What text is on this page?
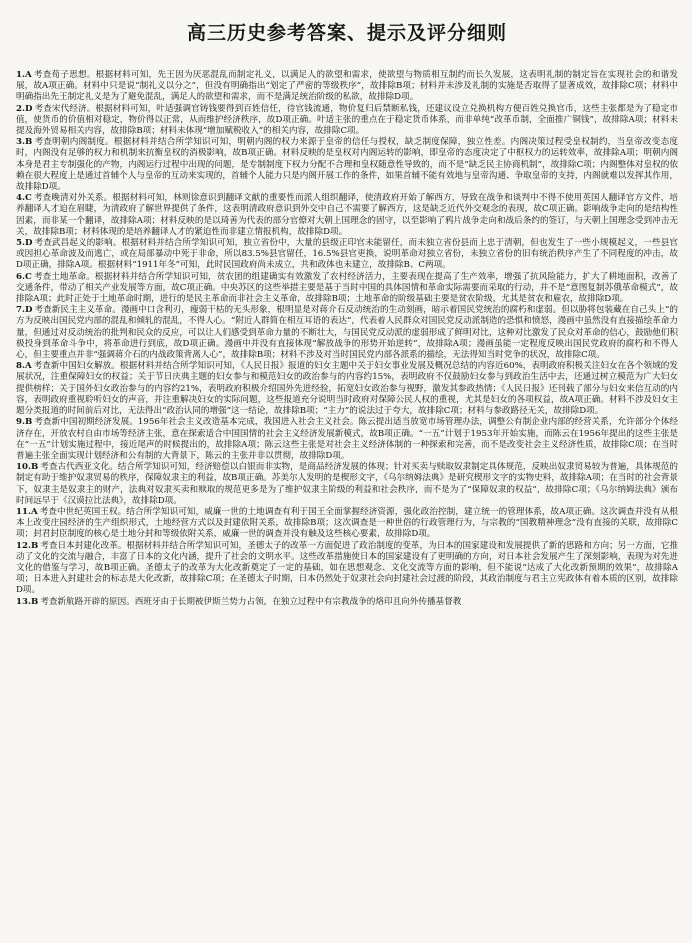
高三历史参考答案、提示及评分细则

1.A 考查荀子思想。根据材料可知，先王因为厌恶混乱而制定礼义，以满足人的欲望和需求，使欲望与物质相互制约而长久发展，这表明礼制的制定旨在实现社会的和谐发展，故A项正确。材料中只是说“制礼义以分之”，但没有明确指出“划定了严密的等级秩序”，故排除B项；材料并未涉及礼制的实施是否取得了显著成效，故排除C项；材料中明确指出先王制定礼义是为了避免混乱，满足人的欲望和需求，而不是满足统治阶级的私欲，故排除D项。

2.D 考查宋代经济。根据材料可知，叶适强调官铸钱要得到百姓信任，待官钱流通，物价复归后禁断私钱，还建议设立兑换机构方便百姓兑换官币，这些主张都是为了稳定市值，使货币的价值相对稳定，物价得以正常，从而维护经济秩序，故D项正确。叶适主张的重点在于稳定货币体系，而非单纯“改革币制，全面推广铜钱”，故排除A项；材料未提及海外贸易相关内容，故排除B项；材料未体现“增加赋税收入”的相关内容，故排除C项。

3.B 考查明朝内阁制度。根据材料并结合所学知识可知，明朝内阁的权力来源于皇帝的信任与授权，缺乏制度保障，独立性差。内阁决策过程受皇权制约，当皇帝改变态度时，内阁没有足够的权力和机制来抗衡皇权的消极影响，故B项正确。材料反映的是皇权对内阁运转的影响，即皇帝的态度决定了中枢权力的运转效率，故排除A项；明朝内阁本身是君主专制强化的产物，内阁运行过程中出现的问题，是专制制度下权力分配不合理和皇权随意性导致的，而不是“缺乏民主协商机制”，故排除C项；内阁整体对皇权的依赖在很大程度上是通过首辅个人与皇帝的互动来实现的，首辅个人能力只是内阁开展工作的条件，如果首辅不能有效地与皇帝沟通、争取皇帝的支持，内阁就难以发挥其作用，故排除D项。

4.C 考查晚清对外关系。根据材料可知，林则徐意识到翻译文献的重要性而派人组织翻译，使清政府开始了解西方，导致在战争和谈判中不得不使用英国人翻译官方文件，培养翻译人才迫在眉睫，为清政府了解世界提供了条件，这表明清政府意识到外交中自己不需要了解西方，这是缺乏近代外交观念的表现，故C项正确。影响战争走向的是结构性因素，而非某一个翻译，故排除A项；材料反映的是以琦善为代表的部分官僚对大朝上国理念的固守，以至影响了鸦片战争走向和战后条约的签订，与天朝上国理念受到冲击无关，故排除B项；材料体现的是培养翻译人才的紧迫性而非建立情报机构，故排除D项。

5.D 考查武昌起义的影响。根据材料并结合所学知识可知，独立省份中，大量的县级正印官未能留任，而未独立省份县而上忠于清朝，但也发生了一些小规模起义，一些县官或因担心革命波及而逃亡，或在局部暴动中死于非命，所以83.5%县官留任，16.5%县官更换，说明革命对独立省份，未独立省份的旧有统治秩序产生了不同程度的冲击，故D项正确，排除A项。根据材料“1911年冬”可知，此时民国政府尚未成立，共和政体也未建立，故排除B、C两项。

6.C 考查土地革命。根据材料并结合所学知识可知，贫农团的组建确实有效激发了农村经济活力，主要表现在提高了生产效率，增强了抗风险能力，扩大了耕地面积，改善了交通条件，带动了相关产业发展等方面，故C项正确。中央苏区的这些举措主要是基于当时中国的具体国情和革命实际需要而采取的行动，并不是“意图复制苏俄革命模式”，故排除A项；此时正处于土地革命时期，进行的是民主革命而非社会主义革命，故排除B项；土地革命的阶级基础主要是贫农阶级，尤其是贫农和雇农，故排除D项。

7.D 考查新民主主义革命。漫画中口含利刃，瘦弱干枯的无头形象，根明显是对蒋介石反动统治的生动刻画，暗示着国民党统治的腐朽和虚弱。但以胁将包装藏在自己头上“的方为反映出国民党内部的混乱和倾轧的混乱，不得人心。“附近人群简在相互耳语的表达”，代表着人民群众对国民党反动派制造的恐惧和愤怒，漫画中虽然没有直接描绘革命力量，但通过对反动统治的批判和民众的反应，可以让人们感受到革命力量的不断壮大，与国民党反动派的虚弱形成了鲜明对比，这种对比激发了民众对革命的信心，鼓励他们积极投身到革命斗争中，将革命进行到底，故D项正确。漫画中并没有直接体现“解放战争的形势开始逆转”，故排除A项；漫画虽能一定程度反映出国民党政府的腐朽和不得人心，但主要重点并非“强调蒋介石的内战政策背离人心”，故排除B项；材料不涉及对当时国民党内部各派系的描绘，无法得知当时党争的状况，故排除C项。

8.A 考查新中国妇女解放。根据材料并结合所学知识可知，《人民日报》报道的妇女主题中关于妇女事业发展及概况总结的内容近60%，表明政府积极关注妇女在各个领域的发展状况，注重保障妇女的权益；关于节日庆典主题的妇女参与和模范妇女的政治参与的内容约15%，表明政府不仅鼓励妇女参与到政治生活中去，还通过树立模范为广大妇女提供榜样；关于国外妇女政治参与的内容约21%，表明政府积极介绍国外先进经验，拓宽妇女政治参与视野，激发其参政热情；《人民日报》还刊载了部分与妇女来信互动的内容，表明政府重视聆听妇女的声音，并注重解决妇女的实际问题，这些报道充分说明当时政府对保障公民人权的重视，尤其是妇女的各项权益，故A项正确。材料不涉及妇女主题分类报道的时间前后对比，无法得出“政治认同的增强”这一结论，故排除B项；“主力”的说法过于夸大，故排除C项；材料与参政路径无关，故排除D项。

9.B 考查新中国初期经济发展。1956年社会主义改造基本完成，我国进入社会主义社会。陈云提出适当放宽市场管理办法，调整公有制企业内部的经营关系，允许部分个体经济存在，开放农村自由市场等经济主张，意在探索适合中国国情的社会主义经济发展新模式，故B项正确。“一五”计划于1953年开始实施，而陈云在1956年提出的这些主张是在“一五”计划实施过程中，接近尾声的时候提出的，故排除A项；陈云这些主张是对社会主义经济体制的一种探索和完善，而不是改变社会主义经济性质，故排除C项；在当时普遍主张全面实现计划经济和公有制的大背景下，陈云的主张并非以贯彻，故排除D项。

10.B 考查古代西亚文化。结合所学知识可知，经济赔偿以白银而非实物，是商品经济发展的体现；针对买卖与赎取奴隶制定具体规范，反映出奴隶贸易较为普遍，具体规范的制定有助于维护奴隶贸易的秩序，保障奴隶主的利益，故B项正确。苏美尔人发明的是楔形文字，《乌尔纳姆法典》是研究楔形文字的实物史料，故排除A项；在当时的社会背景下，奴隶主是奴隶主的财产，法典对奴隶买卖和赎取的规范更多是为了维护奴隶主阶级的利益和社会秩序，而不是为了“保障奴隶的权益”，故排除C项；《乌尔纳姆法典》颁布时间远早于《汉谟拉比法典》，故排除D项。

11.A 考查中世纪英国王权。结合所学知识可知，威廉一世的土地调查有利于国王全面掌握经济资源，强化政治控制，建立统一的管理体系，故A项正确。这次调查并没有从根本上改变庄园经济的生产组织形式，土地经营方式以及封建依附关系，故排除B项；这次调查是一种世俗的行政管理行为，与宗教的“国教精神理念”没有直接的关联，故排除C项；封君封臣制度的核心是土地分封和等级依附关系，威廉一世的调查并没有触及这些核心要素，故排除D项。

12.B 考查日本封建化改革。根据材料并结合所学知识可知，圣德太子的改革一方面促进了政治制度的变革，为日本的国家建设和发展提供了新的思路和方向；另一方面，它推动了文化的交流与融合，丰富了日本的文化内涵，提升了社会的文明水平。这些改革措施使日本的国家建设有了更明确的方向，对日本社会发展产生了深刻影响，表现为对先进文化的借鉴与学习，故B项正确。圣德太子的改革为大化改新奠定了一定的基础，如在思想观念、文化交流等方面的影响，但不能说“达成了大化改新预期的效果”，故排除A项；日本进入封建社会的标志是大化改新，故排除C项；在圣德太子时期，日本仍然处于奴隶社会向封建社会过渡的阶段，其政治制度与君主立宪政体有着本质的区别，故排除D项。

13.B 考查新航路开辟的原因。西班牙由于长期被伊斯兰势力占领，在独立过程中有宗教战争的烙印且向外传播基督教
